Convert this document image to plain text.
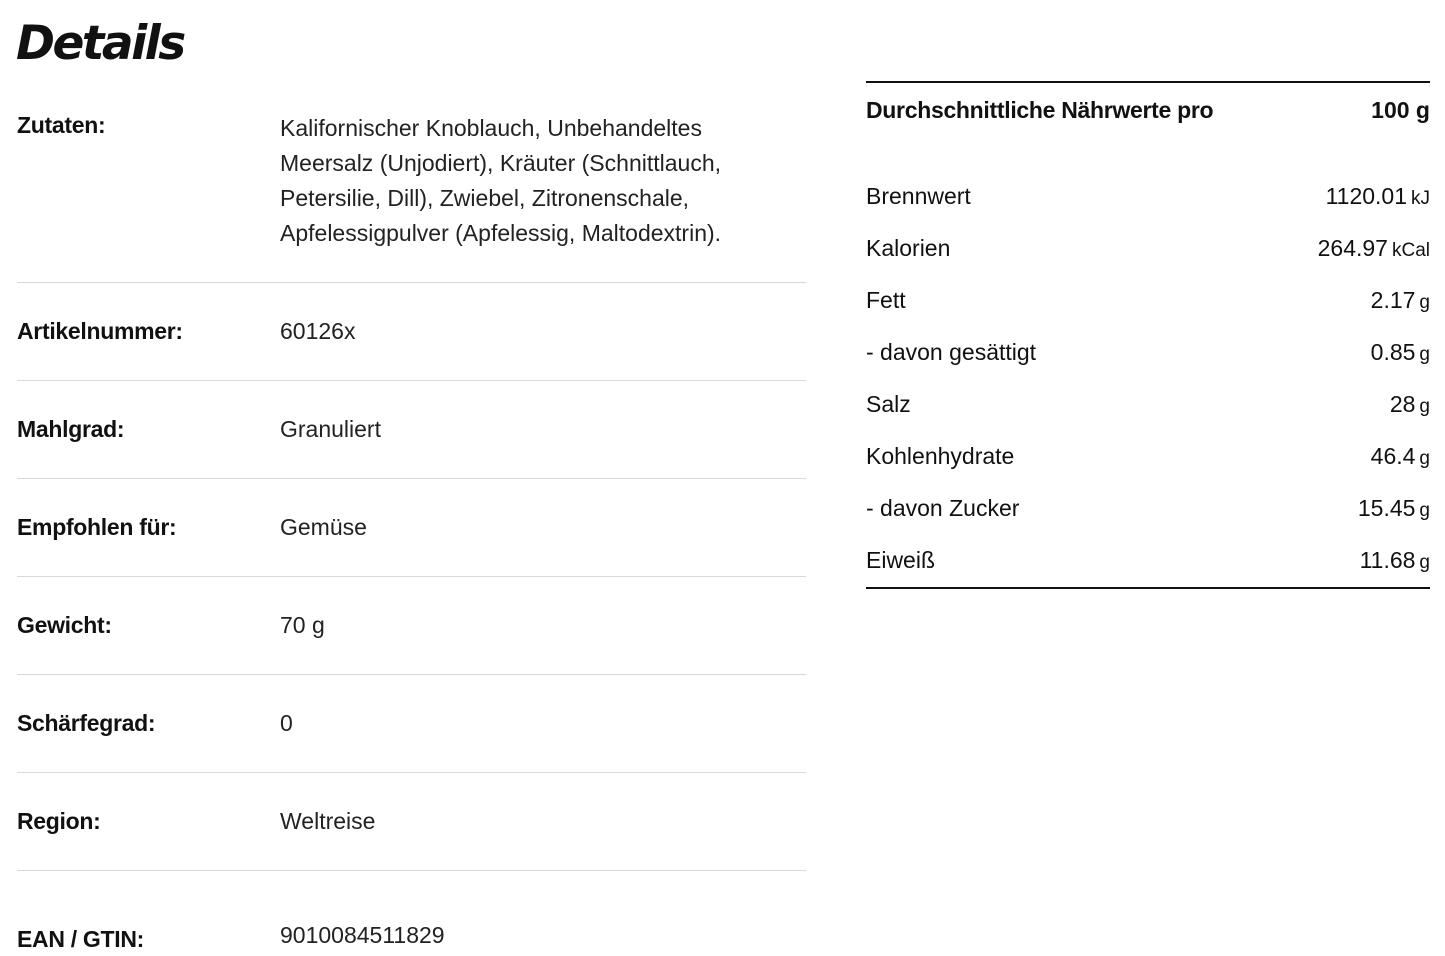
Details
Zutaten:	Kalifornischer Knoblauch, Unbehandeltes Meersalz (Unjodiert), Kräuter (Schnittlauch, Petersilie, Dill), Zwiebel, Zitronenschale, Apfelessigpulver (Apfelessig, Maltodextrin).
Artikelnummer:	60126x
Mahlgrad:	Granuliert
Empfohlen für:	Gemüse
Gewicht:	70 g
Schärfegrad:	0
Region:	Weltreise
EAN / GTIN:	9010084511829
Durchschnittliche Nährwerte pro	100 g
Brennwert	1120.01 kJ
Kalorien	264.97 kCal
Fett	2.17 g
- davon gesättigt	0.85 g
Salz	28 g
Kohlenhydrate	46.4 g
- davon Zucker	15.45 g
Eiweiß	11.68 g
